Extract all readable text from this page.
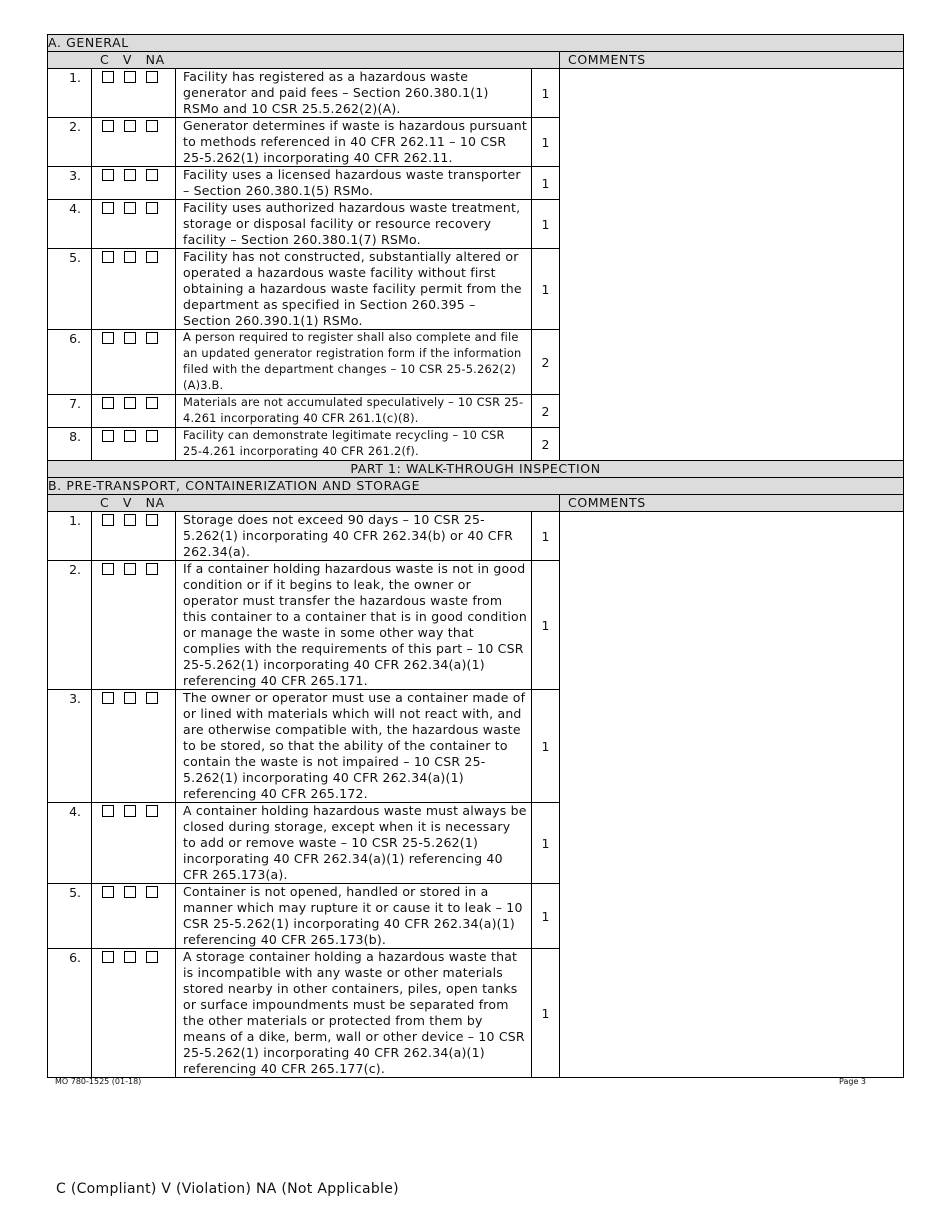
A. GENERAL				
C V NA				COMMENTS
1.		Facility has registered as a hazardous waste generator and paid fees – Section 260.380.1(1) RSMo and 10 CSR 25.5.262(2)(A).	1	
2.		Generator determines if waste is hazardous pursuant to methods referenced in 40 CFR 262.11 – 10 CSR 25-5.262(1) incorporating 40 CFR 262.11.	1	
3.		Facility uses a licensed hazardous waste transporter – Section 260.380.1(5) RSMo.	1	
4.		Facility uses authorized hazardous waste treatment, storage or disposal facility or resource recovery facility – Section 260.380.1(7) RSMo.	1	
5.		Facility has not constructed, substantially altered or operated a hazardous waste facility without first obtaining a hazardous waste facility permit from the department as specified in Section 260.395 – Section 260.390.1(1) RSMo.	1	
6.		A person required to register shall also complete and file an updated generator registration form if the information filed with the department changes – 10 CSR 25-5.262(2)(A)3.B.	2	
7.		Materials are not accumulated speculatively – 10 CSR 25-4.261 incorporating 40 CFR 261.1(c)(8).	2	
8.		Facility can demonstrate legitimate recycling – 10 CSR 25-4.261 incorporating 40 CFR 261.2(f).	2	
PART 1: WALK-THROUGH INSPECTION				
B. PRE-TRANSPORT, CONTAINERIZATION AND STORAGE				
C V NA				COMMENTS
1.		Storage does not exceed 90 days – 10 CSR 25-5.262(1) incorporating 40 CFR 262.34(b) or 40 CFR 262.34(a).	1	
2.		If a container holding hazardous waste is not in good condition or if it begins to leak, the owner or operator must transfer the hazardous waste from this container to a container that is in good condition or manage the waste in some other way that complies with the requirements of this part – 10 CSR 25-5.262(1) incorporating 40 CFR 262.34(a)(1) referencing 40 CFR 265.171.	1	
3.		The owner or operator must use a container made of or lined with materials which will not react with, and are otherwise compatible with, the hazardous waste to be stored, so that the ability of the container to contain the waste is not impaired – 10 CSR 25-5.262(1) incorporating 40 CFR 262.34(a)(1) referencing 40 CFR 265.172.	1	
4.		A container holding hazardous waste must always be closed during storage, except when it is necessary to add or remove waste – 10 CSR 25-5.262(1) incorporating 40 CFR 262.34(a)(1) referencing 40 CFR 265.173(a).	1	
5.		Container is not opened, handled or stored in a manner which may rupture it or cause it to leak – 10 CSR 25-5.262(1) incorporating 40 CFR 262.34(a)(1) referencing 40 CFR 265.173(b).	1	
6.		A storage container holding a hazardous waste that is incompatible with any waste or other materials stored nearby in other containers, piles, open tanks or surface impoundments must be separated from the other materials or protected from them by means of a dike, berm, wall or other device – 10 CSR 25-5.262(1) incorporating 40 CFR 262.34(a)(1) referencing 40 CFR 265.177(c).	1	
MO 780-1525 (01-18)	Page 3
C (Compliant) V (Violation) NA (Not Applicable)
